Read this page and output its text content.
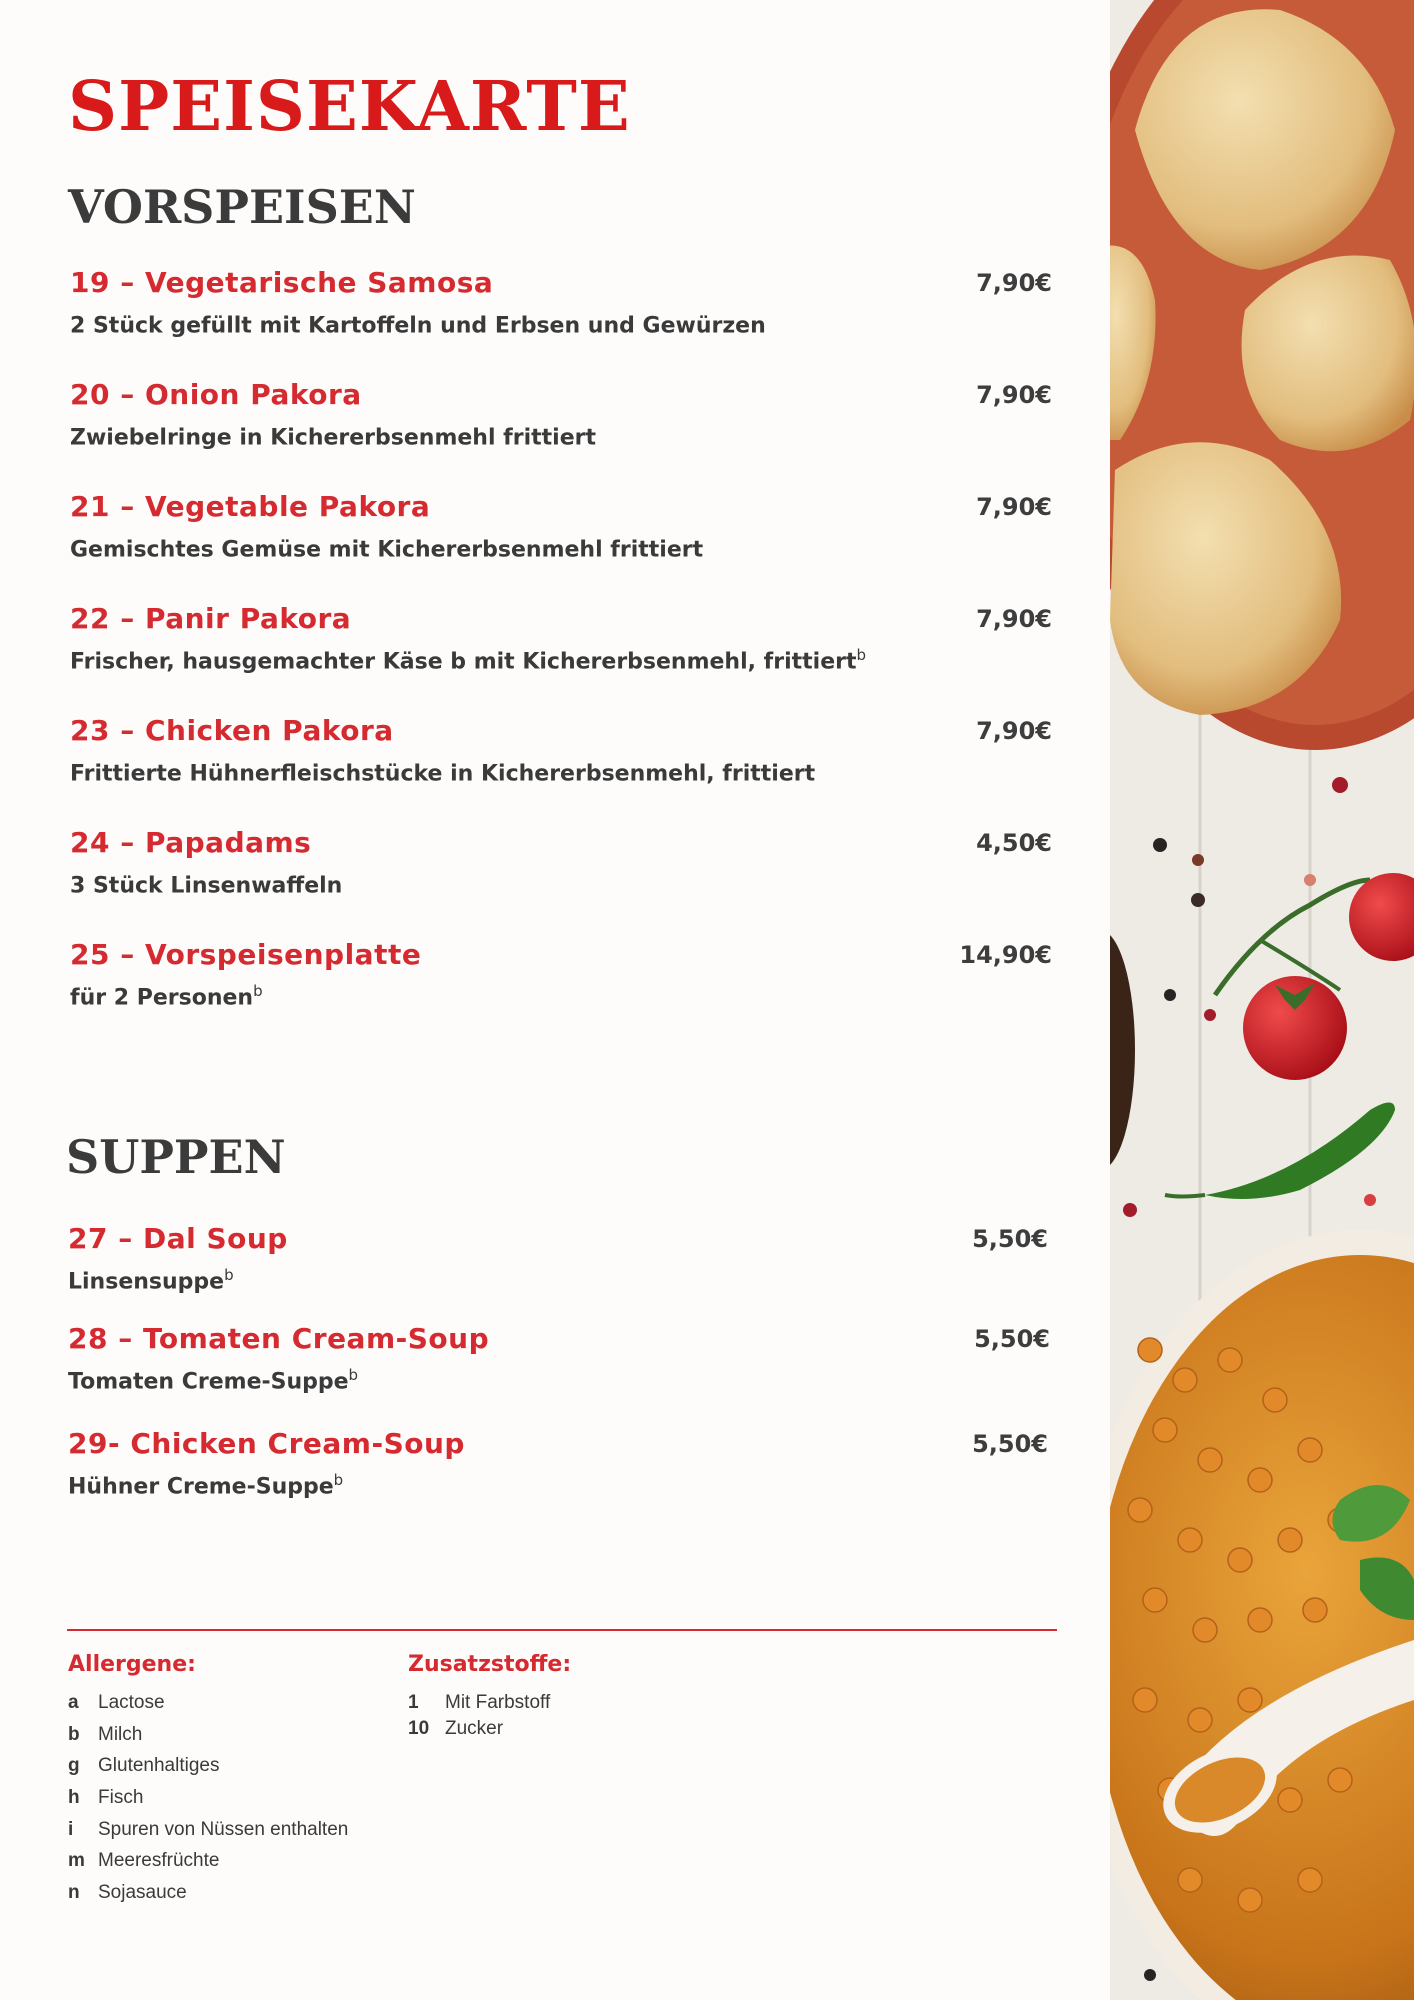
SPEISEKARTE
VORSPEISEN
19 – Vegetarische Samosa	7,90€
2 Stück gefüllt mit Kartoffeln und Erbsen und Gewürzen
20 – Onion Pakora	7,90€
Zwiebelringe in Kichererbsenmehl frittiert
21 – Vegetable Pakora	7,90€
Gemischtes Gemüse mit Kichererbsenmehl frittiert
22 – Panir Pakora	7,90€
Frischer, hausgemachter Käse b mit Kichererbsenmehl, frittiert$^b$
23 – Chicken Pakora	7,90€
Frittierte Hühnerfleischstücke in Kichererbsenmehl, frittiert
24 – Papadams	4,50€
3 Stück Linsenwaffeln
25 – Vorspeisenplatte	14,90€
für 2 Personen$^b$
SUPPEN
27 – Dal Soup	5,50€
Linsensuppe$^b$
28 – Tomaten Cream-Soup	5,50€
Tomaten Creme-Suppe$^b$
29- Chicken Cream-Soup	5,50€
Hühner Creme-Suppe$^b$
Allergene:
a	Lactose
b Milch
g Glutenhaltiges
h Fisch
i	Spuren von Nüssen enthalten
m Meeresfrüchte
n Sojasauce
Zusatzstoffe:
1	Mit Farbstoff
10 Zucker
